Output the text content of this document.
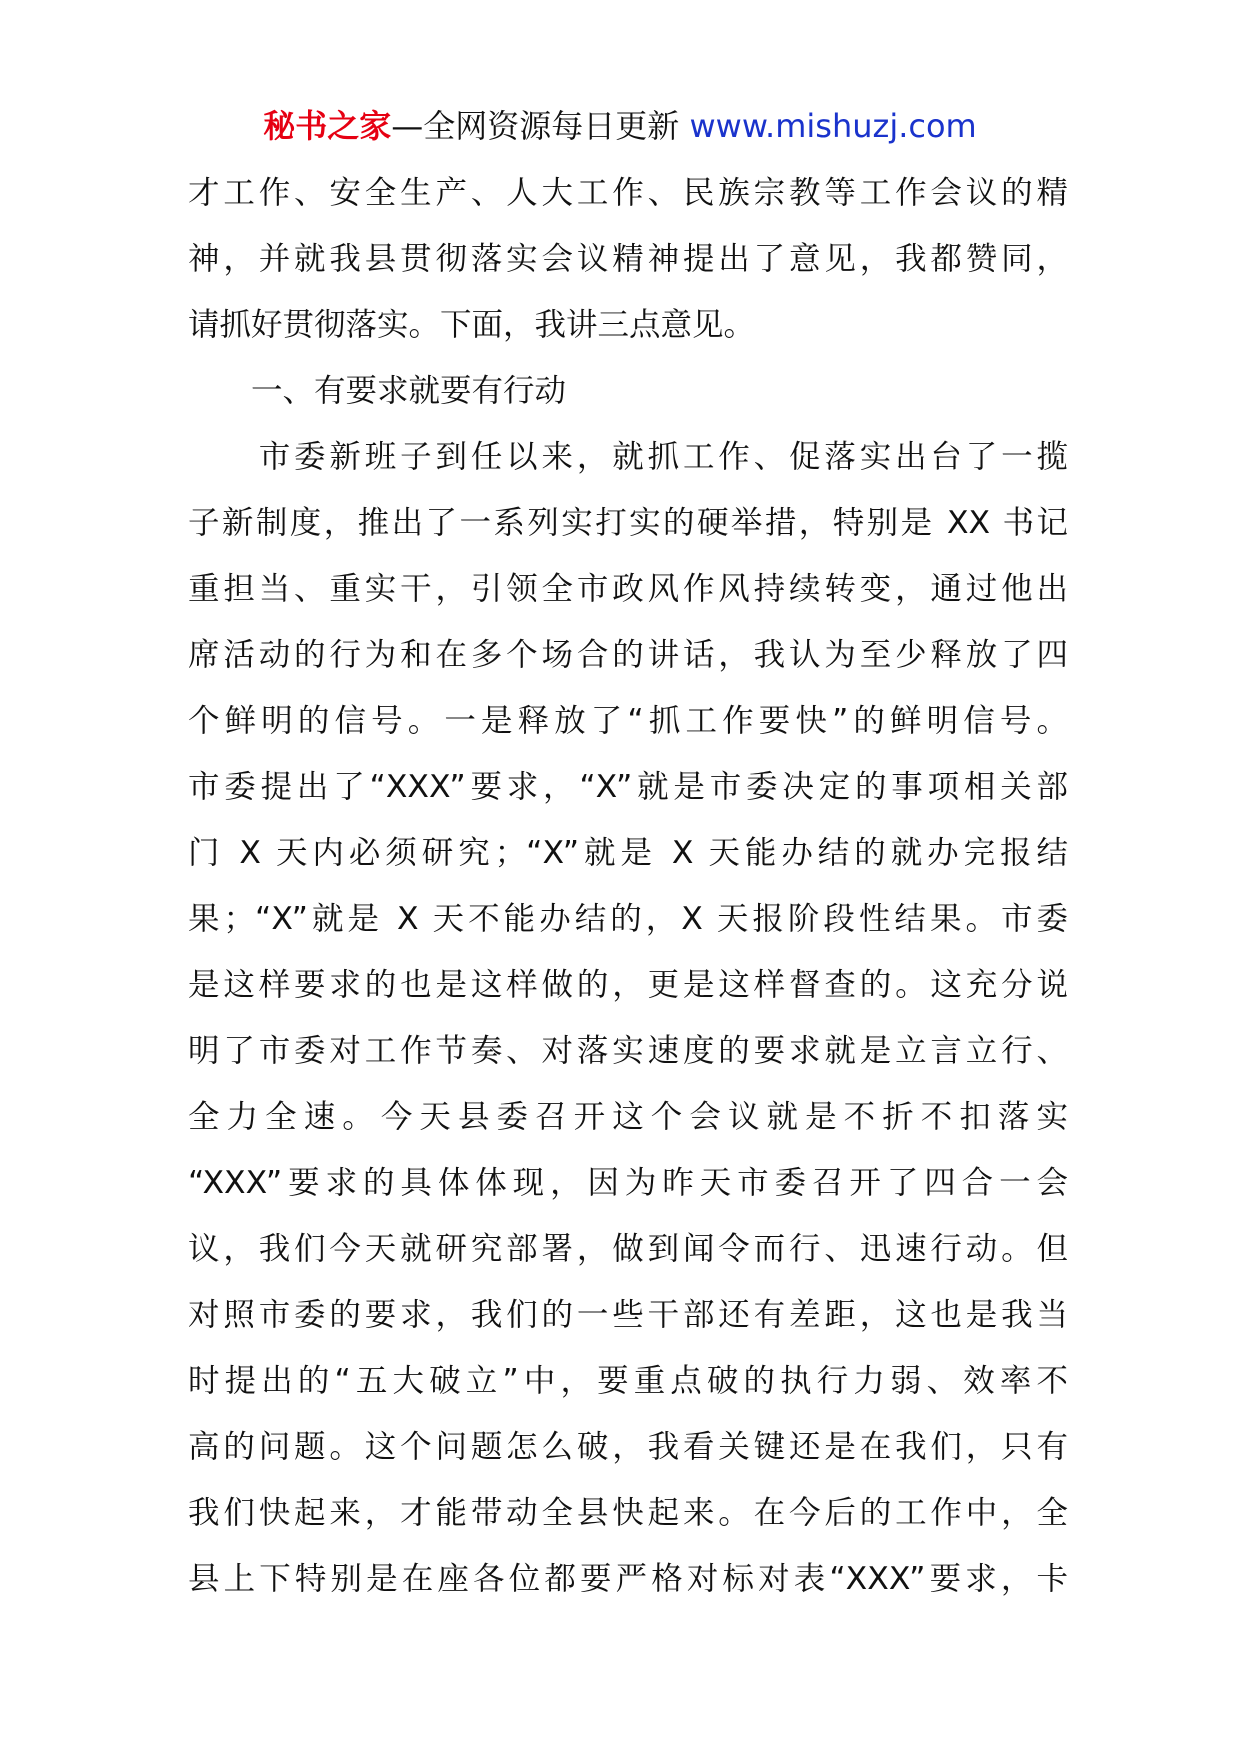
秘书之家—全网资源每日更新 www.mishuzj.com
才工作、安全生产、人大工作、民族宗教等工作会议的精
神，并就我县贯彻落实会议精神提出了意见，我都赞同，
请抓好贯彻落实。下面，我讲三点意见。
　　一、有要求就要有行动
　　市委新班子到任以来，就抓工作、促落实出台了一揽
子新制度，推出了一系列实打实的硬举措，特别是 XX 书记
重担当、重实干，引领全市政风作风持续转变，通过他出
席活动的行为和在多个场合的讲话，我认为至少释放了四
个鲜明的信号。一是释放了“抓工作要快”的鲜明信号。
市委提出了“XXX”要求，“X”就是市委决定的事项相关部
门 X 天内必须研究；“X”就是 X 天能办结的就办完报结
果；“X”就是 X 天不能办结的，X 天报阶段性结果。市委
是这样要求的也是这样做的，更是这样督查的。这充分说
明了市委对工作节奏、对落实速度的要求就是立言立行、
全力全速。今天县委召开这个会议就是不折不扣落实
“XXX”要求的具体体现，因为昨天市委召开了四合一会
议，我们今天就研究部署，做到闻令而行、迅速行动。但
对照市委的要求，我们的一些干部还有差距，这也是我当
时提出的“五大破立”中，要重点破的执行力弱、效率不
高的问题。这个问题怎么破，我看关键还是在我们，只有
我们快起来，才能带动全县快起来。在今后的工作中，全
县上下特别是在座各位都要严格对标对表“XXX”要求，卡
